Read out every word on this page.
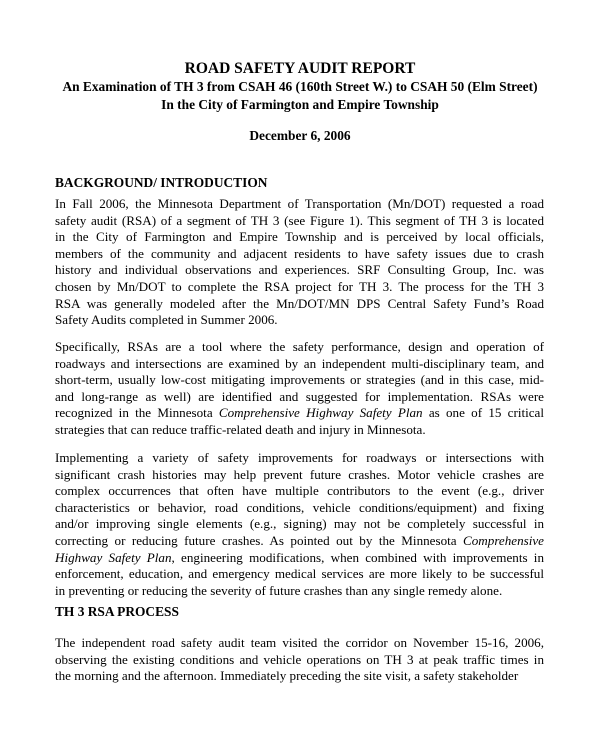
ROAD SAFETY AUDIT REPORT
An Examination of TH 3 from CSAH 46 (160th Street W.) to CSAH 50 (Elm Street)
In the City of Farmington and Empire Township
December 6, 2006
BACKGROUND/ INTRODUCTION
In Fall 2006, the Minnesota Department of Transportation (Mn/DOT) requested a road
safety audit (RSA) of a segment of TH 3 (see Figure 1). This segment of TH 3 is located
in the City of Farmington and Empire Township and is perceived by local officials,
members of the community and adjacent residents to have safety issues due to crash
history and individual observations and experiences. SRF Consulting Group, Inc. was
chosen by Mn/DOT to complete the RSA project for TH 3. The process for the TH 3
RSA was generally modeled after the Mn/DOT/MN DPS Central Safety Fund’s Road
Safety Audits completed in Summer 2006.
Specifically, RSAs are a tool where the safety performance, design and operation of
roadways and intersections are examined by an independent multi-disciplinary team, and
short-term, usually low-cost mitigating improvements or strategies (and in this case, mid-
and long-range as well) are identified and suggested for implementation. RSAs were
recognized in the Minnesota Comprehensive Highway Safety Plan as one of 15 critical
strategies that can reduce traffic-related death and injury in Minnesota.
Implementing a variety of safety improvements for roadways or intersections with
significant crash histories may help prevent future crashes. Motor vehicle crashes are
complex occurrences that often have multiple contributors to the event (e.g., driver
characteristics or behavior, road conditions, vehicle conditions/equipment) and fixing
and/or improving single elements (e.g., signing) may not be completely successful in
correcting or reducing future crashes. As pointed out by the Minnesota Comprehensive
Highway Safety Plan, engineering modifications, when combined with improvements in
enforcement, education, and emergency medical services are more likely to be successful
in preventing or reducing the severity of future crashes than any single remedy alone.
TH 3 RSA PROCESS
The independent road safety audit team visited the corridor on November 15-16, 2006,
observing the existing conditions and vehicle operations on TH 3 at peak traffic times in
the morning and the afternoon. Immediately preceding the site visit, a safety stakeholder
